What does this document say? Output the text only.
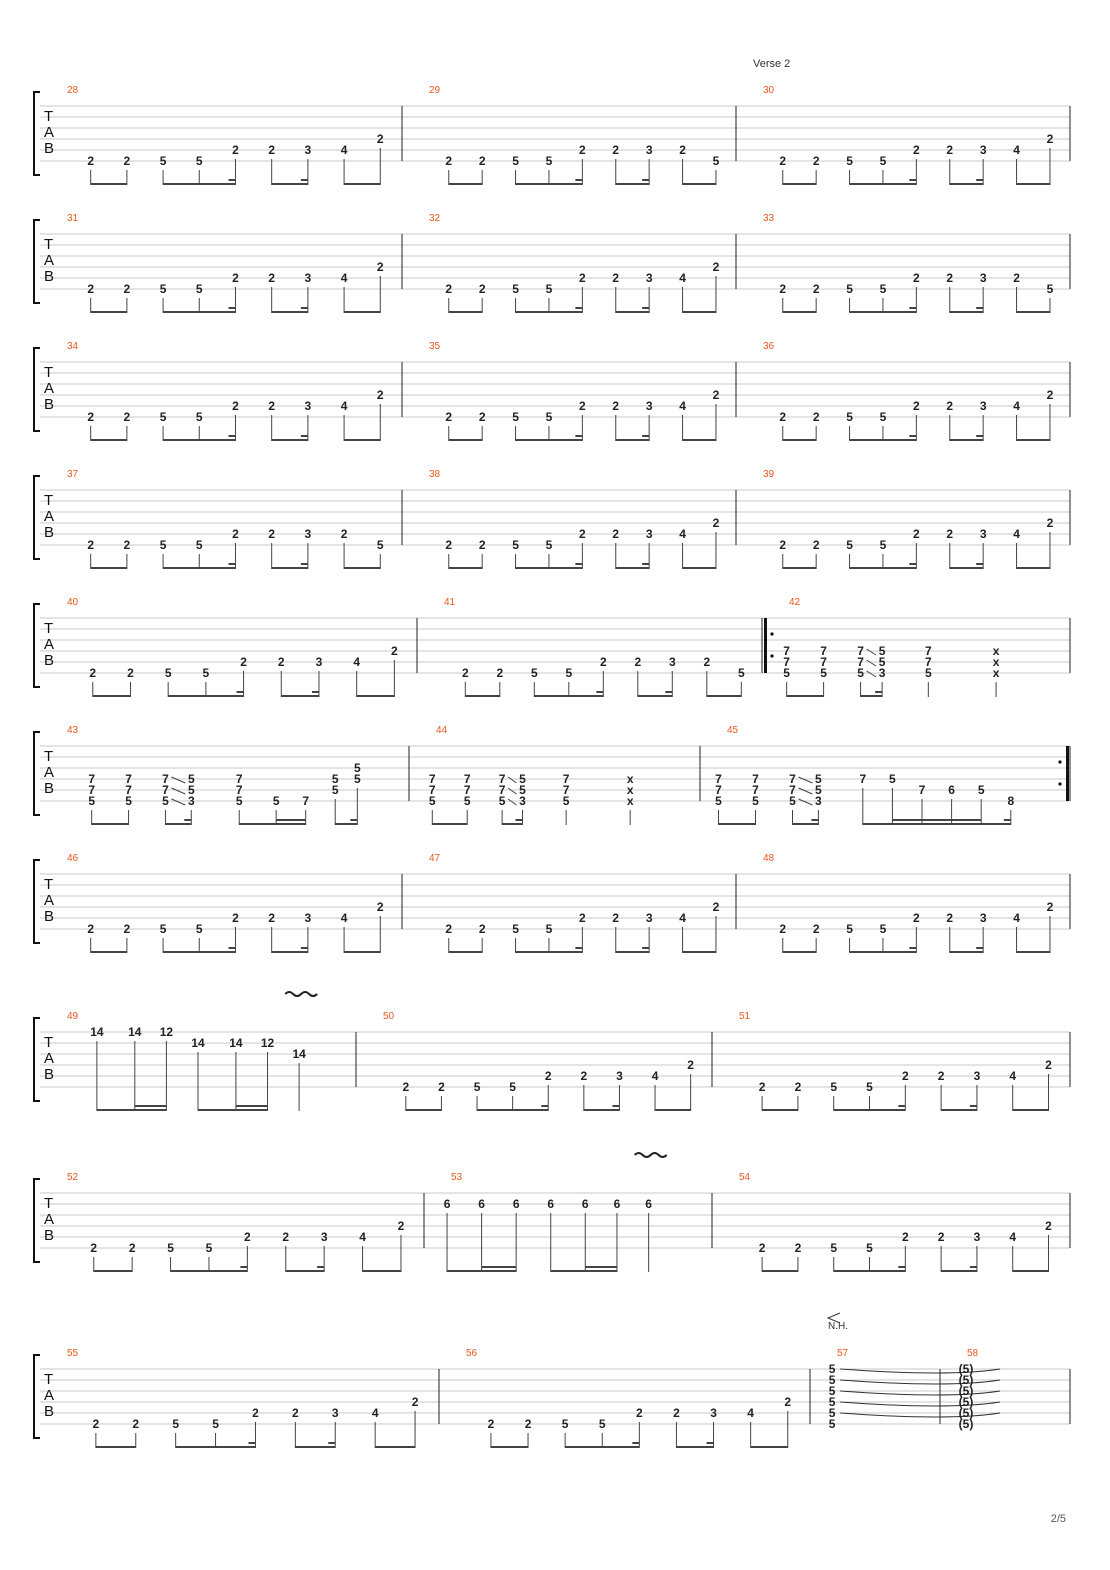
Verse 2
T
A
B
28
2 2 5 5
2 2 3 4
2
29
2 2 5 5
2 2 3 2
5
30
2 2 5 5
2 2 3 4
2
T
A
B
31
2 2 5 5
2 2 3 4
2
32
2 2 5 5
2 2 3 4
2
33
2 2 5 5
2 2 3 2
5
T
A
B
34
2 2 5 5
2 2 3 4
2
35
2 2 5 5
2 2 3 4
2
36
2 2 5 5
2 2 3 4
2
T
A
B
37
2 2 5 5
2 2 3 2
5
38
2 2 5 5
2 2 3 4
2
39
2 2 5 5
2 2 3 4
2
T
A
B
40
2	2	5	5
2	2	3	4
2
41
2 2 5 5
2 2 3 2
5
42
7
7
5
7
7
5
7
7
5
5
5
3
7
7
5
x
x
x
T
A
B
43
7
7
5
7
7
5
7
7
5
5
5
3
7
7
5	5 7
5
5
5
5
44
7
7
5
7
7
5
7
7
5
5
5
3
7
7
5
x
x
x
45
7
7
5
7
7
5
7
7
5
5
5
3
7 5
7 6 5
8
T
A
B
46
2 2 5 5
2 2 3 4
2
47
2 2 5 5
2 2 3 4
2
48
2 2 5 5
2 2 3 4
2
T
A
B
49
14 14 12
14 14 12
14
50
2 2 5 5
2 2 3 4
2
51
2 2 5 5
2 2 3 4
2
T
A
B
52
2	2	5	5
2	2	3	4
2
53
6 6 6 6 6 6 6
54
2 2 5 5
2 2 3 4
2
T
A
B
55
2	2	5	5
2	2	3	4
2
56
2	2	5	5
2	2	3	4
2
57
5
5
5
5
5
5
N.H.
58
(5)
(5)
(5)
(5)
(5)
(5)
2/5
